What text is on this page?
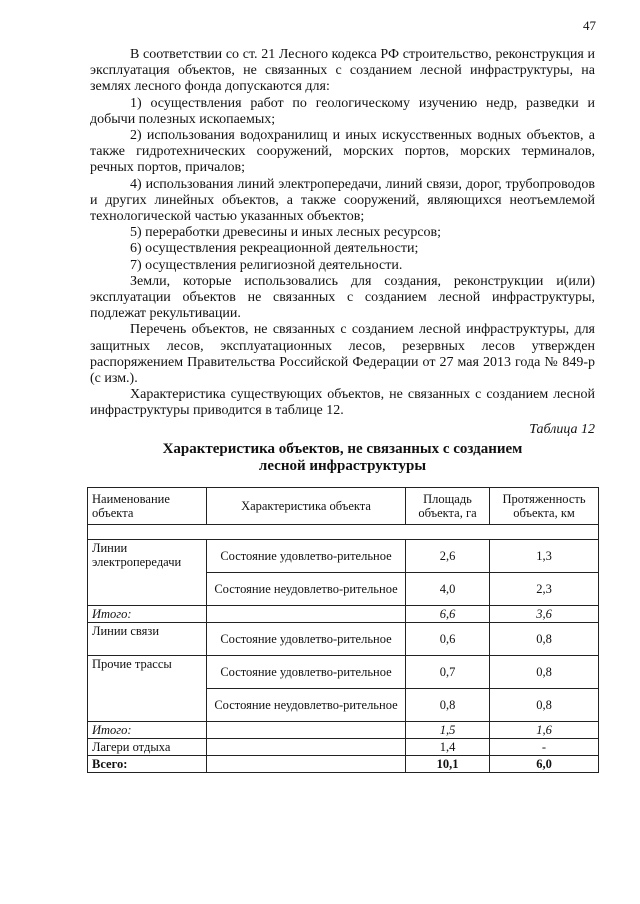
47

В соответствии со ст. 21 Лесного кодекса РФ строительство, реконструкция и эксплуатация объектов, не связанных с созданием лесной инфраструктуры, на землях лесного фонда допускаются для:

1) осуществления работ по геологическому изучению недр, разведки и добычи полезных ископаемых;

2) использования водохранилищ и иных искусственных водных объектов, а также гидротехнических сооружений, морских портов, морских терминалов, речных портов, причалов;

4) использования линий электропередачи, линий связи, дорог, трубопроводов и других линейных объектов, а также сооружений, являющихся неотъемлемой технологической частью указанных объектов;

5) переработки древесины и иных лесных ресурсов;

6) осуществления рекреационной деятельности;

7) осуществления религиозной деятельности.

Земли, которые использовались для создания, реконструкции и(или) эксплуатации объектов не связанных с созданием лесной инфраструктуры, подлежат рекультивации.

Перечень объектов, не связанных с созданием лесной инфраструктуры, для защитных лесов, эксплуатационных лесов, резервных лесов утвержден распоряжением Правительства Российской Федерации от 27 мая 2013 года № 849-р (с изм.).

Характеристика существующих объектов, не связанных с созданием лесной инфраструктуры приводится в таблице 12.

Таблица 12
Характеристика объектов, не связанных с созданием
лесной инфраструктуры
Наименование объекта	Характеристика объекта	Площадь объекта, га	Протяженность объекта, км

Линии электропередачи	Состояние удовлетво-рительное	2,6	1,3
	Состояние неудовлетво-рительное	4,0	2,3
Итого:		6,6	3,6
Линии связи	Состояние удовлетво-рительное	0,6	0,8
Прочие трассы	Состояние удовлетво-рительное	0,7	0,8
	Состояние неудовлетво-рительное	0,8	0,8
Итого:		1,5	1,6
Лагери отдыха		1,4	-
Всего:		10,1	6,0
